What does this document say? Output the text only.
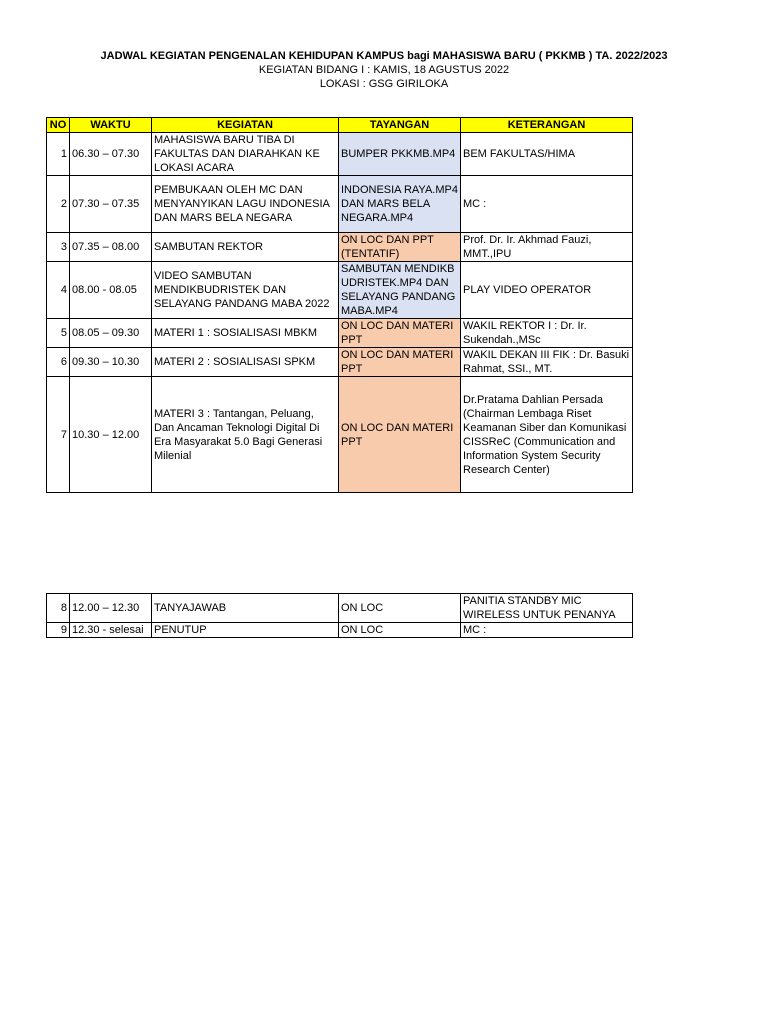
JADWAL KEGIATAN PENGENALAN KEHIDUPAN KAMPUS bagi MAHASISWA BARU ( PKKMB ) TA. 2022/2023
KEGIATAN BIDANG I : KAMIS, 18 AGUSTUS 2022
LOKASI : GSG GIRILOKA
NO	WAKTU	KEGIATAN	TAYANGAN	KETERANGAN
1	06.30 – 07.30	MAHASISWA BARU TIBA DI FAKULTAS DAN DIARAHKAN KE LOKASI ACARA	BUMPER PKKMB.MP4	BEM FAKULTAS/HIMA
2	07.30 – 07.35	PEMBUKAAN OLEH MC DAN MENYANYIKAN LAGU INDONESIA DAN MARS BELA NEGARA	INDONESIA RAYA.MP4 DAN MARS BELA NEGARA.MP4	MC :
3	07.35 – 08.00	SAMBUTAN REKTOR	ON LOC DAN PPT (TENTATIF)	Prof. Dr. Ir. Akhmad Fauzi, MMT.,IPU
4	08.00 - 08.05	VIDEO SAMBUTAN MENDIKBUDRISTEK DAN SELAYANG PANDANG MABA 2022	SAMBUTAN MENDIKBUDRISTEK.MP4 DAN SELAYANG PANDANG MABA.MP4	PLAY VIDEO OPERATOR
5	08.05 – 09.30	MATERI 1 : SOSIALISASI MBKM	ON LOC DAN MATERI PPT	WAKIL REKTOR I : Dr. Ir. Sukendah.,MSc
6	09.30 – 10.30	MATERI 2 : SOSIALISASI SPKM	ON LOC DAN MATERI PPT	WAKIL DEKAN III FIK : Dr. Basuki Rahmat, SSI., MT.
7	10.30 – 12.00	MATERI 3 : Tantangan, Peluang, Dan Ancaman Teknologi Digital Di Era Masyarakat 5.0 Bagi Generasi Milenial	ON LOC DAN MATERI PPT	Dr.Pratama Dahlian Persada (Chairman Lembaga Riset Keamanan Siber dan Komunikasi CISSReC (Communication and Information System Security Research Center)
8	12.00 – 12.30	TANYAJAWAB	ON LOC	PANITIA STANDBY MIC WIRELESS UNTUK PENANYA
9	12.30 - selesai	PENUTUP	ON LOC	MC :
